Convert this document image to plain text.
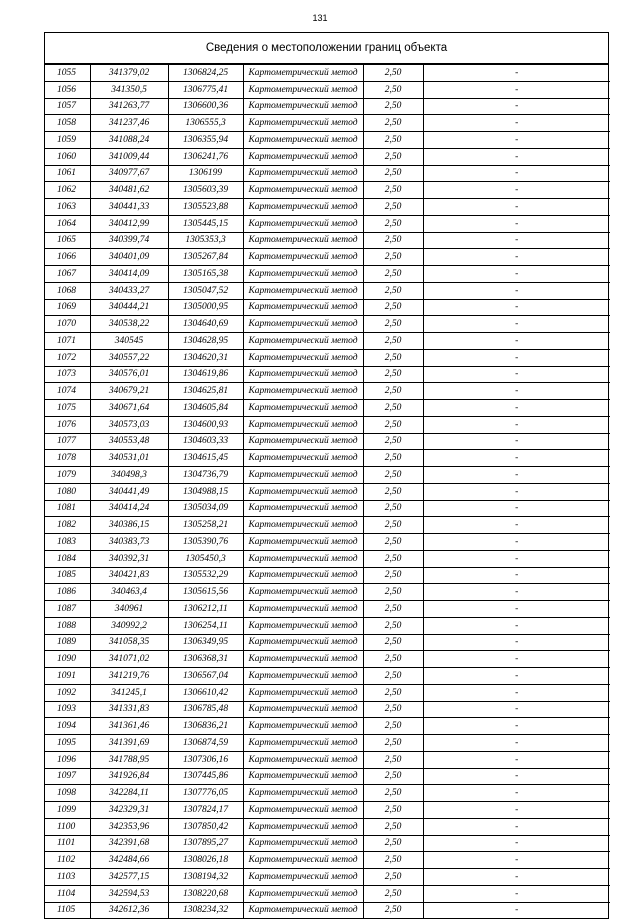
131
Сведения о местоположении границ объекта
1055	341379,02	1306824,25	Картометрический метод	2,50	-
1056	341350,5	1306775,41	Картометрический метод	2,50	-
1057	341263,77	1306600,36	Картометрический метод	2,50	-
1058	341237,46	1306555,3	Картометрический метод	2,50	-
1059	341088,24	1306355,94	Картометрический метод	2,50	-
1060	341009,44	1306241,76	Картометрический метод	2,50	-
1061	340977,67	1306199	Картометрический метод	2,50	-
1062	340481,62	1305603,39	Картометрический метод	2,50	-
1063	340441,33	1305523,88	Картометрический метод	2,50	-
1064	340412,99	1305445,15	Картометрический метод	2,50	-
1065	340399,74	1305353,3	Картометрический метод	2,50	-
1066	340401,09	1305267,84	Картометрический метод	2,50	-
1067	340414,09	1305165,38	Картометрический метод	2,50	-
1068	340433,27	1305047,52	Картометрический метод	2,50	-
1069	340444,21	1305000,95	Картометрический метод	2,50	-
1070	340538,22	1304640,69	Картометрический метод	2,50	-
1071	340545	1304628,95	Картометрический метод	2,50	-
1072	340557,22	1304620,31	Картометрический метод	2,50	-
1073	340576,01	1304619,86	Картометрический метод	2,50	-
1074	340679,21	1304625,81	Картометрический метод	2,50	-
1075	340671,64	1304605,84	Картометрический метод	2,50	-
1076	340573,03	1304600,93	Картометрический метод	2,50	-
1077	340553,48	1304603,33	Картометрический метод	2,50	-
1078	340531,01	1304615,45	Картометрический метод	2,50	-
1079	340498,3	1304736,79	Картометрический метод	2,50	-
1080	340441,49	1304988,15	Картометрический метод	2,50	-
1081	340414,24	1305034,09	Картометрический метод	2,50	-
1082	340386,15	1305258,21	Картометрический метод	2,50	-
1083	340383,73	1305390,76	Картометрический метод	2,50	-
1084	340392,31	1305450,3	Картометрический метод	2,50	-
1085	340421,83	1305532,29	Картометрический метод	2,50	-
1086	340463,4	1305615,56	Картометрический метод	2,50	-
1087	340961	1306212,11	Картометрический метод	2,50	-
1088	340992,2	1306254,11	Картометрический метод	2,50	-
1089	341058,35	1306349,95	Картометрический метод	2,50	-
1090	341071,02	1306368,31	Картометрический метод	2,50	-
1091	341219,76	1306567,04	Картометрический метод	2,50	-
1092	341245,1	1306610,42	Картометрический метод	2,50	-
1093	341331,83	1306785,48	Картометрический метод	2,50	-
1094	341361,46	1306836,21	Картометрический метод	2,50	-
1095	341391,69	1306874,59	Картометрический метод	2,50	-
1096	341788,95	1307306,16	Картометрический метод	2,50	-
1097	341926,84	1307445,86	Картометрический метод	2,50	-
1098	342284,11	1307776,05	Картометрический метод	2,50	-
1099	342329,31	1307824,17	Картометрический метод	2,50	-
1100	342353,96	1307850,42	Картометрический метод	2,50	-
1101	342391,68	1307895,27	Картометрический метод	2,50	-
1102	342484,66	1308026,18	Картометрический метод	2,50	-
1103	342577,15	1308194,32	Картометрический метод	2,50	-
1104	342594,53	1308220,68	Картометрический метод	2,50	-
1105	342612,36	1308234,32	Картометрический метод	2,50	-
